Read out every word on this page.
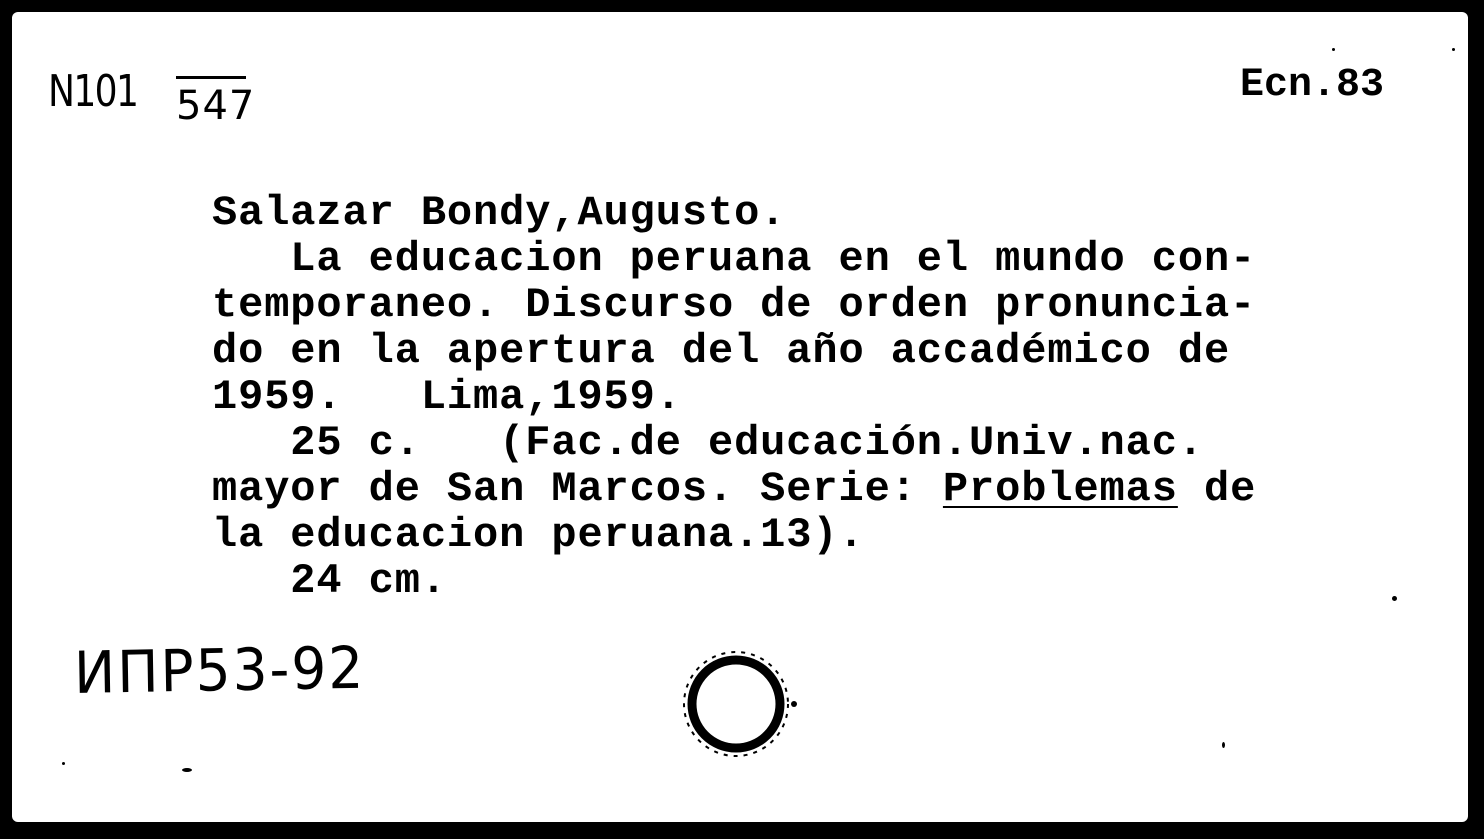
N101

547

	Ecn.83

Salazar Bondy,Augusto.

La educacion peruana en el mundo con-

temporaneo. Discurso de orden pronuncia-

do en la apertura del año accadémico de

1959.   Lima,1959.

25 c.   (Fac.de educación.Univ.nac.

mayor de San Marcos. Serie: Problemas de

la educacion peruana.13).

24 cm.

ИПР53-92
